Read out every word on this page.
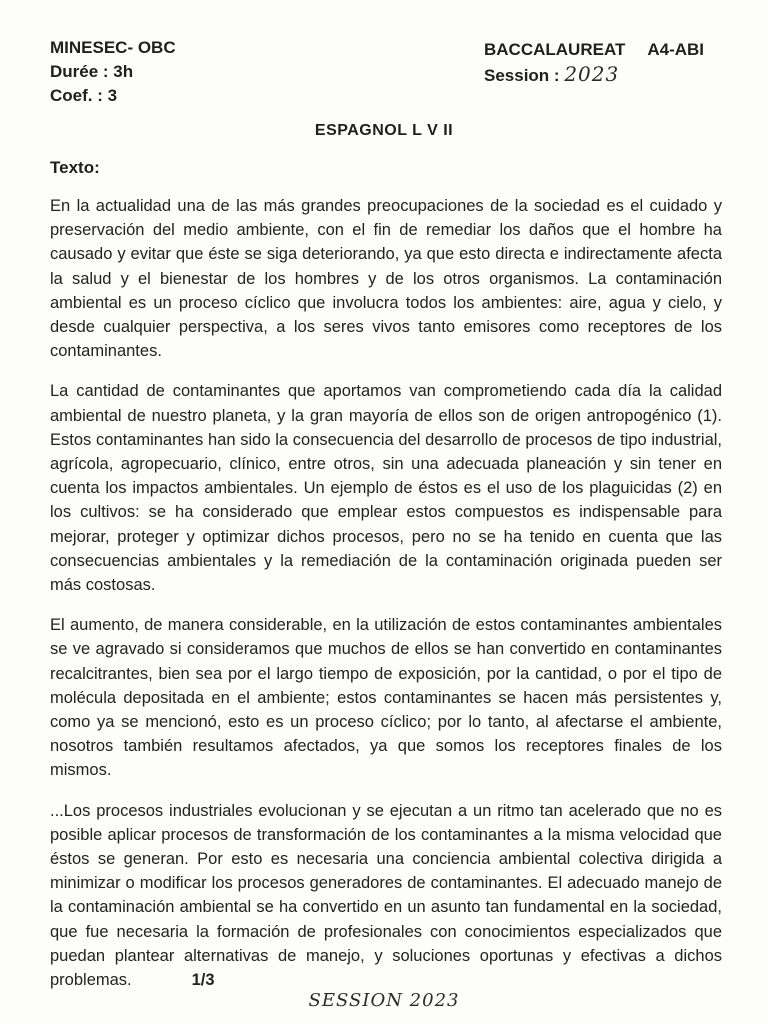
MINESEC- OBC
Durée : 3h
Coef. : 3
BACCALAUREAT A4-ABI
Session : 2023
ESPAGNOL L V II
Texto:

En la actualidad una de las más grandes preocupaciones de la sociedad es el cuidado y preservación del medio ambiente, con el fin de remediar los daños que el hombre ha causado y evitar que éste se siga deteriorando, ya que esto directa e indirectamente afecta la salud y el bienestar de los hombres y de los otros organismos. La contaminación ambiental es un proceso cíclico que involucra todos los ambientes: aire, agua y cielo, y desde cualquier perspectiva, a los seres vivos tanto emisores como receptores de los contaminantes.

La cantidad de contaminantes que aportamos van comprometiendo cada día la calidad ambiental de nuestro planeta, y la gran mayoría de ellos son de origen antropogénico (1). Estos contaminantes han sido la consecuencia del desarrollo de procesos de tipo industrial, agrícola, agropecuario, clínico, entre otros, sin una adecuada planeación y sin tener en cuenta los impactos ambientales. Un ejemplo de éstos es el uso de los plaguicidas (2) en los cultivos: se ha considerado que emplear estos compuestos es indispensable para mejorar, proteger y optimizar dichos procesos, pero no se ha tenido en cuenta que las consecuencias ambientales y la remediación de la contaminación originada pueden ser más costosas.

El aumento, de manera considerable, en la utilización de estos contaminantes ambientales se ve agravado si consideramos que muchos de ellos se han convertido en contaminantes recalcitrantes, bien sea por el largo tiempo de exposición, por la cantidad, o por el tipo de molécula depositada en el ambiente; estos contaminantes se hacen más persistentes y, como ya se mencionó, esto es un proceso cíclico; por lo tanto, al afectarse el ambiente, nosotros también resultamos afectados, ya que somos los receptores finales de los mismos.

...Los procesos industriales evolucionan y se ejecutan a un ritmo tan acelerado que no es posible aplicar procesos de transformación de los contaminantes a la misma velocidad que éstos se generan. Por esto es necesaria una conciencia ambiental colectiva dirigida a minimizar o modificar los procesos generadores de contaminantes. El adecuado manejo de la contaminación ambiental se ha convertido en un asunto tan fundamental en la sociedad, que fue necesaria la formación de profesionales con conocimientos especializados que puedan plantear alternativas de manejo, y soluciones oportunas y efectivas a dichos problemas.	1/3

SESSION 2023
